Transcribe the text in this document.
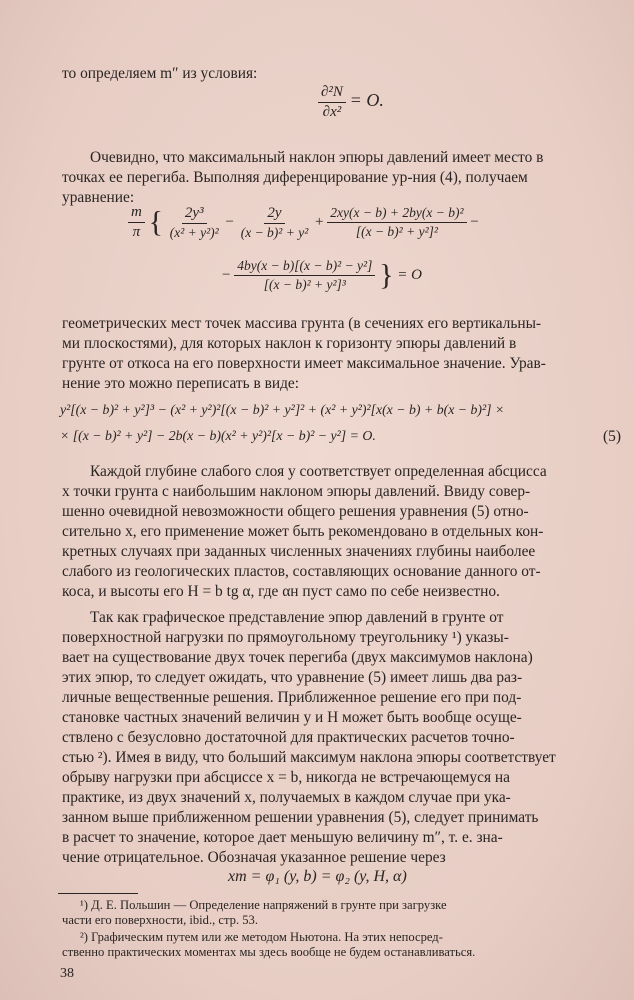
то определяем m″ из условия:
$\frac{\text{∂²N}}{\text{∂x²}} = O$.
Очевидно, что максимальный наклон эпюры давлений имеет место в
точках ее перегиба. Выполняя диференцирование ур-ния (4), получаем
уравнение:
$\frac{m}{\pi}$ { $\frac{\text{2y³}}{\text{(x² + y²)²}} - \frac{2y}{\text{(x − b)² + y²}} + \frac{\text{2xy(x − b) + 2by(x − b)²}}{\text{[(x − b)² + y²]²}}$ −
− $\frac{\text{4by(x − b)[(x − b)² − y²]}}{\text{[(x − b)² + y²]³}}$ } = O
геометрических мест точек массива грунта (в сечениях его вертикальны-
ми плоскостями), для которых наклон к горизонту эпюры давлений в
грунте от откоса на его поверхности имеет максимальное значение. Урав-
нение это можно переписать в виде:
y²[(x − b)² + y²]³ − (x² + y²)²[(x − b)² + y²]² + (x² + y²)²[x(x − b) + b(x − b)²] ×
× [(x − b)² + y²] − 2b(x − b)(x² + y²)²[x − b)² − y²] = O.	(5)
Каждой глубине слабого слоя y соответствует определенная абсцисса
x точки грунта с наибольшим наклоном эпюры давлений. Ввиду совер-
шенно очевидной невозможности общего решения уравнения (5) отно-
сительно x, его применение может быть рекомендовано в отдельных кон-
кретных случаях при заданных численных значениях глубины наиболее
слабого из геологических пластов, составляющих основание данного от-
коса, и высоты его H = b tg α, где αн пуст само по себе неизвестно.
Так как графическое представление эпюр давлений в грунте от
поверхностной нагрузки по прямоугольному треугольнику ¹) указы-
вает на существование двух точек перегиба (двух максимумов наклона)
этих эпюр, то следует ожидать, что уравнение (5) имеет лишь два раз-
личные вещественные решения. Приближенное решение его при под-
становке частных значений величин y и H может быть вообще осуще-
ствлено с безусловно достаточной для практических расчетов точно-
стью ²). Имея в виду, что больший максимум наклона эпюры соответствует
обрыву нагрузки при абсциссе x = b, никогда не встречающемуся на
практике, из двух значений x, получаемых в каждом случае при ука-
занном выше приближенном решении уравнения (5), следует принимать
в расчет то значение, которое дает меньшую величину m″, т. е. зна-
чение отрицательное. Обозначая указанное решение через
xm = φ₁ (y, b) = φ₂ (y, H, α)
¹) Д. Е. Польшин — Определение напряжений в грунте при загрузке
части его поверхности, ibid., стр. 53.
²) Графическим путем или же методом Ньютона. На этих непосред-
ственно практических моментах мы здесь вообще не будем останавливаться.
38
